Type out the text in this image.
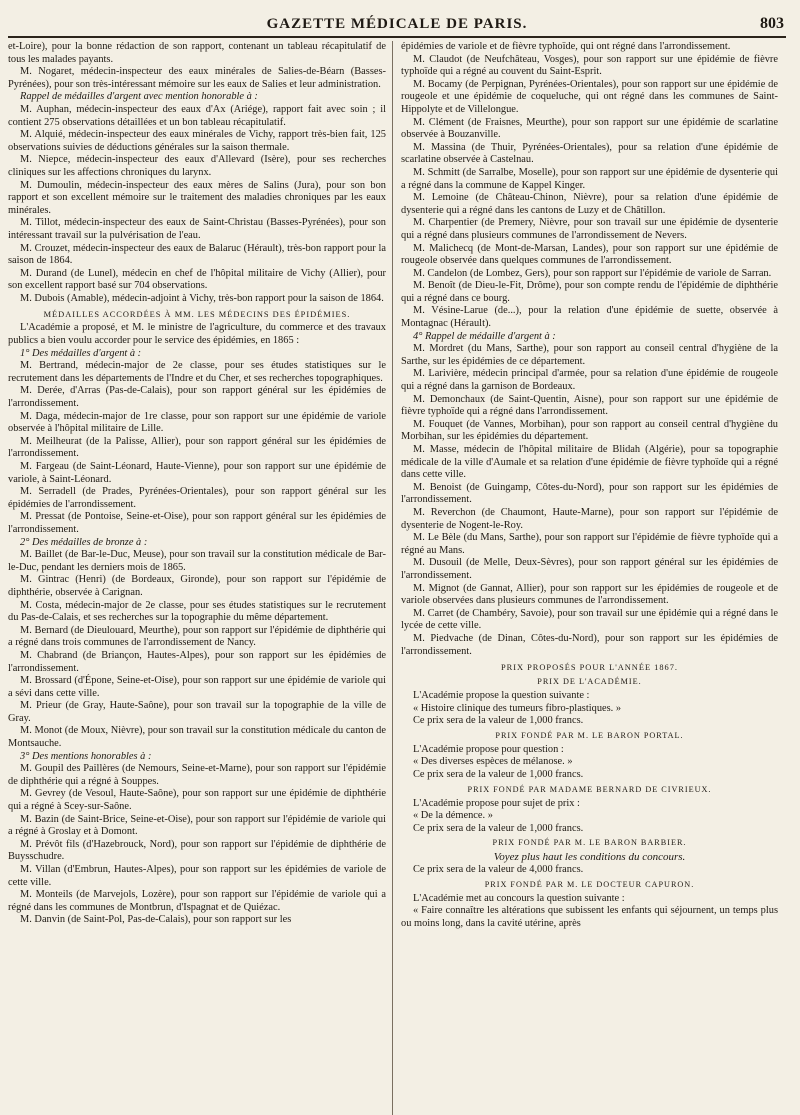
GAZETTE MÉDICALE DE PARIS.	803

et-Loire), pour la bonne rédaction de son rapport, contenant un tableau récapitulatif de tous les malades payants.

M. Nogaret, médecin-inspecteur des eaux minérales de Salies-de-Béarn (Basses-Pyrénées), pour son très-intéressant mémoire sur les eaux de Salies et leur administration.

Rappel de médailles d'argent avec mention honorable à :

M. Auphan, médecin-inspecteur des eaux d'Ax (Ariége), rapport fait avec soin ; il contient 275 observations détaillées et un bon tableau récapitulatif.

M. Alquié, médecin-inspecteur des eaux minérales de Vichy, rapport très-bien fait, 125 observations suivies de déductions générales sur la saison thermale.

M. Niepce, médecin-inspecteur des eaux d'Allevard (Isère), pour ses recherches cliniques sur les affections chroniques du larynx.

M. Dumoulin, médecin-inspecteur des eaux mères de Salins (Jura), pour son bon rapport et son excellent mémoire sur le traitement des maladies chroniques par les eaux minérales.

M. Tillot, médecin-inspecteur des eaux de Saint-Christau (Basses-Pyrénées), pour son intéressant travail sur la pulvérisation de l'eau.

M. Crouzet, médecin-inspecteur des eaux de Balaruc (Hérault), très-bon rapport pour la saison de 1864.

M. Durand (de Lunel), médecin en chef de l'hôpital militaire de Vichy (Allier), pour son excellent rapport basé sur 704 observations.

M. Dubois (Amable), médecin-adjoint à Vichy, très-bon rapport pour la saison de 1864.

MÉDAILLES ACCORDÉES À MM. LES MÉDECINS DES ÉPIDÉMIES.

L'Académie a proposé, et M. le ministre de l'agriculture, du commerce et des travaux publics a bien voulu accorder pour le service des épidémies, en 1865 :

1° Des médailles d'argent à :

M. Bertrand, médecin-major de 2e classe, pour ses études statistiques sur le recrutement dans les départements de l'Indre et du Cher, et ses recherches topographiques.

M. Derée, d'Arras (Pas-de-Calais), pour son rapport général sur les épidémies de l'arrondissement.

M. Daga, médecin-major de 1re classe, pour son rapport sur une épidémie de variole observée à l'hôpital militaire de Lille.

M. Meilheurat (de la Palisse, Allier), pour son rapport général sur les épidémies de l'arrondissement.

M. Fargeau (de Saint-Léonard, Haute-Vienne), pour son rapport sur une épidémie de variole, à Saint-Léonard.

M. Serradell (de Prades, Pyrénées-Orientales), pour son rapport général sur les épidémies de l'arrondissement.

M. Pressat (de Pontoise, Seine-et-Oise), pour son rapport général sur les épidémies de l'arrondissement.

2° Des médailles de bronze à :

M. Baillet (de Bar-le-Duc, Meuse), pour son travail sur la constitution médicale de Bar-le-Duc, pendant les derniers mois de 1865.

M. Gintrac (Henri) (de Bordeaux, Gironde), pour son rapport sur l'épidémie de diphthérie, observée à Carignan.

M. Costa, médecin-major de 2e classe, pour ses études statistiques sur le recrutement du Pas-de-Calais, et ses recherches sur la topographie du même département.

M. Bernard (de Dieulouard, Meurthe), pour son rapport sur l'épidémie de diphthérie qui a régné dans trois communes de l'arrondissement de Nancy.

M. Chabrand (de Briançon, Hautes-Alpes), pour son rapport sur les épidémies de l'arrondissement.

M. Brossard (d'Épone, Seine-et-Oise), pour son rapport sur une épidémie de variole qui a sévi dans cette ville.

M. Prieur (de Gray, Haute-Saône), pour son travail sur la topographie de la ville de Gray.

M. Monot (de Moux, Nièvre), pour son travail sur la constitution médicale du canton de Montsauche.

3° Des mentions honorables à :

M. Goupil des Paillères (de Nemours, Seine-et-Marne), pour son rapport sur l'épidémie de diphthérie qui a régné à Souppes.

M. Gevrey (de Vesoul, Haute-Saône), pour son rapport sur une épidémie de diphthérie qui a régné à Scey-sur-Saône.

M. Bazin (de Saint-Brice, Seine-et-Oise), pour son rapport sur l'épidémie de variole qui a régné à Groslay et à Domont.

M. Prévôt fils (d'Hazebrouck, Nord), pour son rapport sur l'épidémie de diphthérie de Buysschudre.

M. Villan (d'Embrun, Hautes-Alpes), pour son rapport sur les épidémies de variole de cette ville.

M. Monteils (de Marvejols, Lozère), pour son rapport sur l'épidémie de variole qui a régné dans les communes de Montbrun, d'Ispagnat et de Quiézac.

M. Danvin (de Saint-Pol, Pas-de-Calais), pour son rapport sur les

épidémies de variole et de fièvre typhoïde, qui ont régné dans l'arrondissement.

M. Claudot (de Neufchâteau, Vosges), pour son rapport sur une épidémie de fièvre typhoïde qui a régné au couvent du Saint-Esprit.

M. Bocamy (de Perpignan, Pyrénées-Orientales), pour son rapport sur une épidémie de rougeole et une épidémie de coqueluche, qui ont régné dans les communes de Saint-Hippolyte et de Villelongue.

M. Clément (de Fraisnes, Meurthe), pour son rapport sur une épidémie de scarlatine observée à Bouzanville.

M. Massina (de Thuir, Pyrénées-Orientales), pour sa relation d'une épidémie de scarlatine observée à Castelnau.

M. Schmitt (de Sarralbe, Moselle), pour son rapport sur une épidémie de dysenterie qui a régné dans la commune de Kappel Kinger.

M. Lemoine (de Château-Chinon, Nièvre), pour sa relation d'une épidémie de dysenterie qui a régné dans les cantons de Luzy et de Châtillon.

M. Charpentier (de Premery, Nièvre, pour son travail sur une épidémie de dysenterie qui a régné dans plusieurs communes de l'arrondissement de Nevers.

M. Malichecq (de Mont-de-Marsan, Landes), pour son rapport sur une épidémie de rougeole observée dans quelques communes de l'arrondissement.

M. Candelon (de Lombez, Gers), pour son rapport sur l'épidémie de variole de Sarran.

M. Benoît (de Dieu-le-Fit, Drôme), pour son compte rendu de l'épidémie de diphthérie qui a régné dans ce bourg.

M. Vésine-Larue (de...), pour la relation d'une épidémie de suette, observée à Montagnac (Hérault).

4° Rappel de médaille d'argent à :

M. Mordret (du Mans, Sarthe), pour son rapport au conseil central d'hygiène de la Sarthe, sur les épidémies de ce département.

M. Larivière, médecin principal d'armée, pour sa relation d'une épidémie de rougeole qui a régné dans la garnison de Bordeaux.

M. Demonchaux (de Saint-Quentin, Aisne), pour son rapport sur une épidémie de fièvre typhoïde qui a régné dans l'arrondissement.

M. Fouquet (de Vannes, Morbihan), pour son rapport au conseil central d'hygiène du Morbihan, sur les épidémies du département.

M. Masse, médecin de l'hôpital militaire de Blidah (Algérie), pour sa topographie médicale de la ville d'Aumale et sa relation d'une épidémie de fièvre typhoïde qui a régné dans cette ville.

M. Benoist (de Guingamp, Côtes-du-Nord), pour son rapport sur les épidémies de l'arrondissement.

M. Reverchon (de Chaumont, Haute-Marne), pour son rapport sur l'épidémie de dysenterie de Nogent-le-Roy.

M. Le Bèle (du Mans, Sarthe), pour son rapport sur l'épidémie de fièvre typhoïde qui a régné au Mans.

M. Dusouil (de Melle, Deux-Sèvres), pour son rapport général sur les épidémies de l'arrondissement.

M. Mignot (de Gannat, Allier), pour son rapport sur les épidémies de rougeole et de variole observées dans plusieurs communes de l'arrondissement.

M. Carret (de Chambéry, Savoie), pour son travail sur une épidémie qui a régné dans le lycée de cette ville.

M. Piedvache (de Dinan, Côtes-du-Nord), pour son rapport sur les épidémies de l'arrondissement.

PRIX PROPOSÉS POUR L'ANNÉE 1867.
PRIX DE L'ACADÉMIE.

L'Académie propose la question suivante :

« Histoire clinique des tumeurs fibro-plastiques. »

Ce prix sera de la valeur de 1,000 francs.

PRIX FONDÉ PAR M. LE BARON PORTAL.

L'Académie propose pour question :

« Des diverses espèces de mélanose. »

Ce prix sera de la valeur de 1,000 francs.

PRIX FONDÉ PAR MADAME BERNARD DE CIVRIEUX.

L'Académie propose pour sujet de prix :

« De la démence. »

Ce prix sera de la valeur de 1,000 francs.

PRIX FONDÉ PAR M. LE BARON BARBIER.

Voyez plus haut les conditions du concours.

Ce prix sera de la valeur de 4,000 francs.

PRIX FONDÉ PAR M. LE DOCTEUR CAPURON.

L'Académie met au concours la question suivante :

« Faire connaître les altérations que subissent les enfants qui séjournent, un temps plus ou moins long, dans la cavité utérine, après
